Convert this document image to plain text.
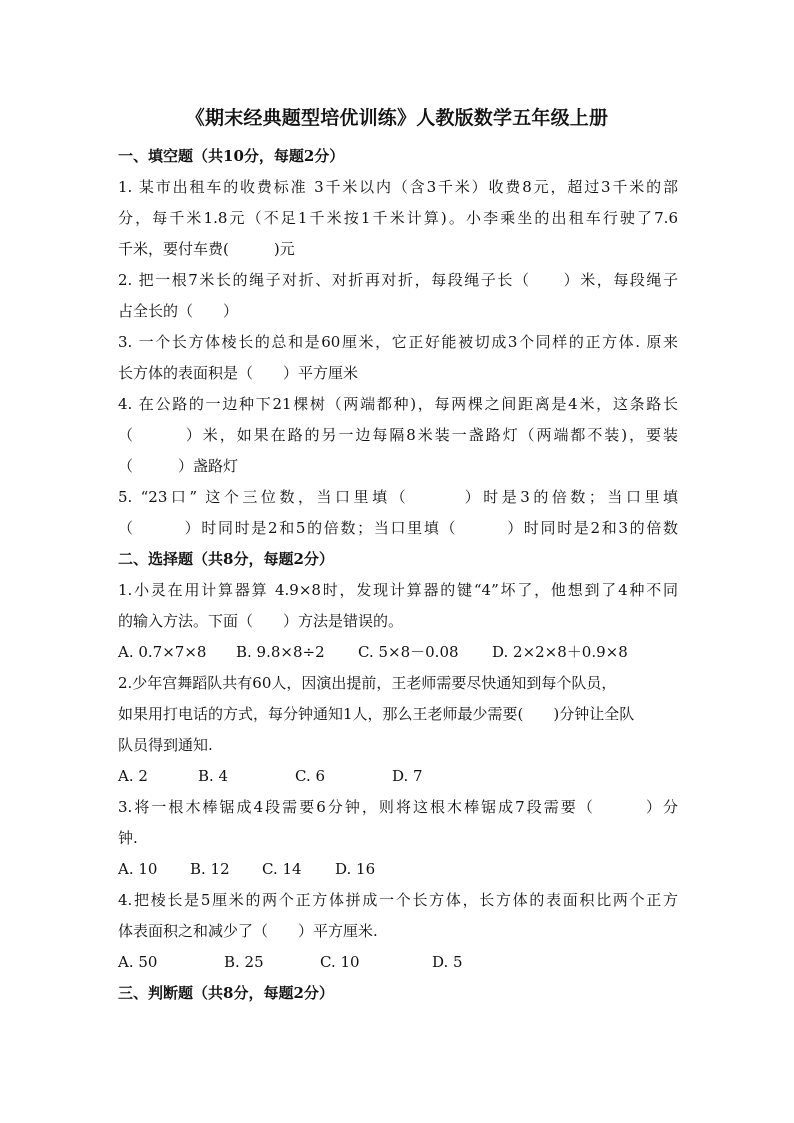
《期末经典题型培优训练》人教版数学五年级上册
一、填空题（共10分，每题2分）
1. 某市出租车的收费标准 3千米以内（含3千米）收费8元，超过3千米的部
分，每千米1.8元（不足1千米按1千米计算)。小李乘坐的出租车行驶了7.6
千米，要付车费(　　　)元
2. 把一根7米长的绳子对折、对折再对折，每段绳子长（　　）米，每段绳子
占全长的（　　）
3. 一个长方体棱长的总和是60厘米，它正好能被切成3个同样的正方体. 原来
长方体的表面积是（　　）平方厘米
4. 在公路的一边种下21棵树（两端都种)，每两棵之间距离是4米，这条路长
（　　　）米，如果在路的另一边每隔8米装一盏路灯（两端都不装)，要装
（　　　）盏路灯
5. “23口” 这个三位数，当口里填（　　　）时是3的倍数；当口里填
（　　　）时同时是2和5的倍数；当口里填（　　　）时同时是2和3的倍数
二、选择题（共8分，每题2分）
1.小灵在用计算器算 4.9×8时，发现计算器的键“4”坏了，他想到了4种不同
的输入方法。下面（　　）方法是错误的。
A. 0.7×7×8 B. 9.8×8÷2 C. 5×8－0.08 D. 2×2×8＋0.9×8
2.少年宫舞蹈队共有60人，因演出提前，王老师需要尽快通知到每个队员，
如果用打电话的方式，每分钟通知1人，那么王老师最少需要(　　)分钟让全队
队员得到通知.
A. 2	B. 4	C. 6	D. 7
3.将一根木棒锯成4段需要6分钟，则将这根木棒锯成7段需要（　　　）分
钟.
A. 10 B. 12 C. 14 D. 16
4.把棱长是5厘米的两个正方体拼成一个长方体，长方体的表面积比两个正方
体表面积之和减少了（　　）平方厘米.
A. 50	B. 25	C. 10	D. 5
三、判断题（共8分，每题2分）
